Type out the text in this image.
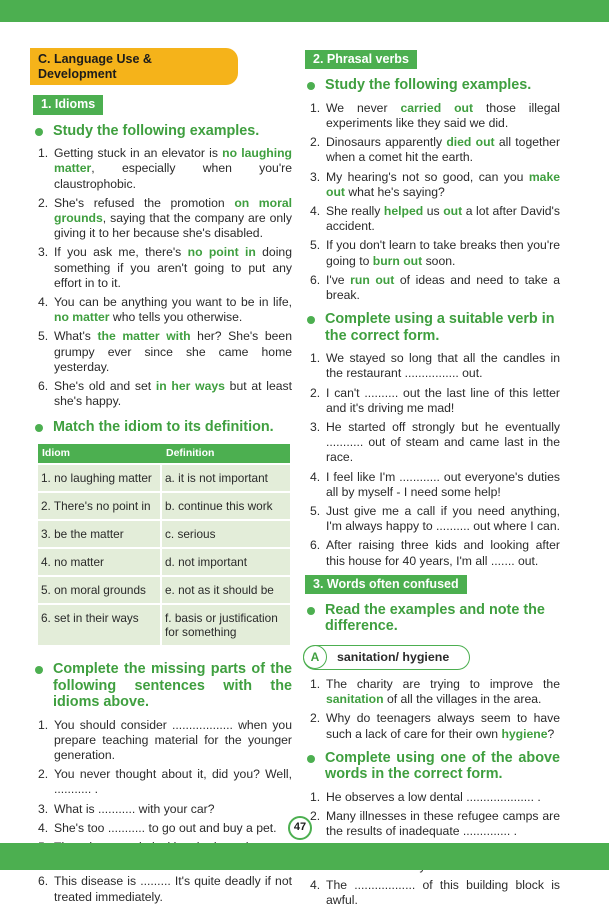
C. Language Use & Development
1. Idioms
Study the following examples.
1. Getting stuck in an elevator is no laughing matter, especially when you're claustrophobic.
2. She's refused the promotion on moral grounds, saying that the company are only giving it to her because she's disabled.
3. If you ask me, there's no point in doing something if you aren't going to put any effort in to it.
4. You can be anything you want to be in life, no matter who tells you otherwise.
5. What's the matter with her? She's been grumpy ever since she came home yesterday.
6. She's old and set in her ways but at least she's happy.
Match the idiom to its definition.
Idiom	Definition
1. no laughing matter	a. it is not important
2. There's no point in	b. continue this work
3. be the matter	c. serious
4. no matter	d. not important
5. on moral grounds	e. not as it should be
6. set in their ways	f. basis or justification for something
Complete the missing parts of the following sentences with the idioms above.
1. You should consider .................. when you prepare teaching material for the younger generation.
2. You never thought about it, did you? Well, ........... .
3. What is ........... with your car?
4. She's too ........... to go out and buy a pet.
6. This disease is ......... It's quite deadly if not treated immediately.
2. Phrasal verbs
Study the following examples.
1. We never carried out those illegal experiments like they said we did.
2. Dinosaurs apparently died out all together when a comet hit the earth.
3. My hearing's not so good, can you make out what he's saying?
4. She really helped us out a lot after David's accident.
5. If you don't learn to take breaks then you're going to burn out soon.
6. I've run out of ideas and need to take a break.
Complete using a suitable verb in the correct form.
1. We stayed so long that all the candles in the restaurant ................ out.
2. I can't .......... out the last line of this letter and it's driving me mad!
3. He started off strongly but he eventually ........... out of steam and came last in the race.
4. I feel like I'm ............ out everyone's duties all by myself - I need some help!
5. Just give me a call if you need anything, I'm always happy to .......... out where I can.
6. After raising three kids and looking after this house for 40 years, I'm all ....... out.
3. Words often confused
Read the examples and note the difference.
A	sanitation/ hygiene
1. The charity are trying to improve the sanitation of all the villages in the area.
2. Why do teenagers always seem to have such a lack of care for their own hygiene?
Complete using one of the above words in the correct form.
1. He observes a low dental .................... .
2. Many illnesses in these refugee camps are the results of inadequate .............. .
4. The .................. of this building block is awful.
47
